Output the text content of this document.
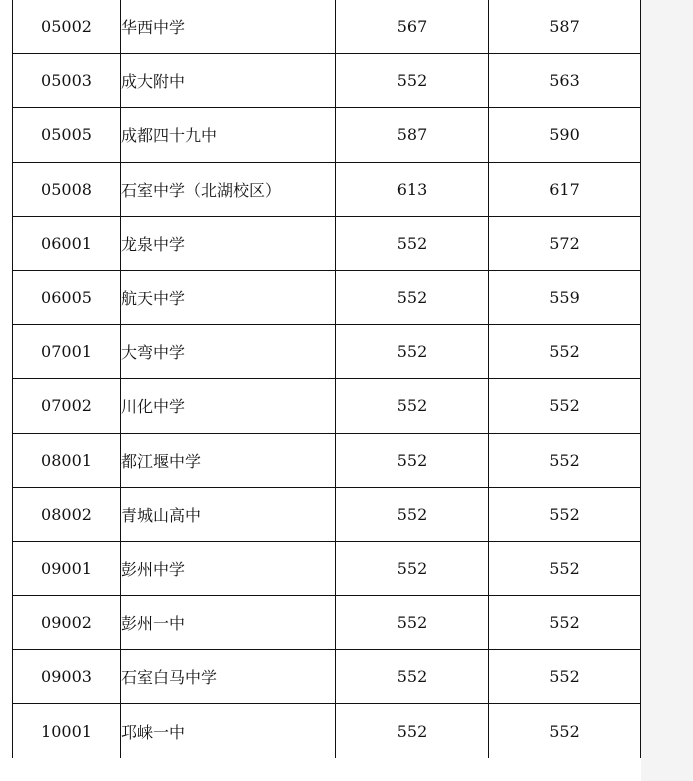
05002	华西中学	567	587
05003	成大附中	552	563
05005	成都四十九中	587	590
05008	石室中学（北湖校区）	613	617
06001	龙泉中学	552	572
06005	航天中学	552	559
07001	大弯中学	552	552
07002	川化中学	552	552
08001	都江堰中学	552	552
08002	青城山高中	552	552
09001	彭州中学	552	552
09002	彭州一中	552	552
09003	石室白马中学	552	552
10001	邛崃一中	552	552
